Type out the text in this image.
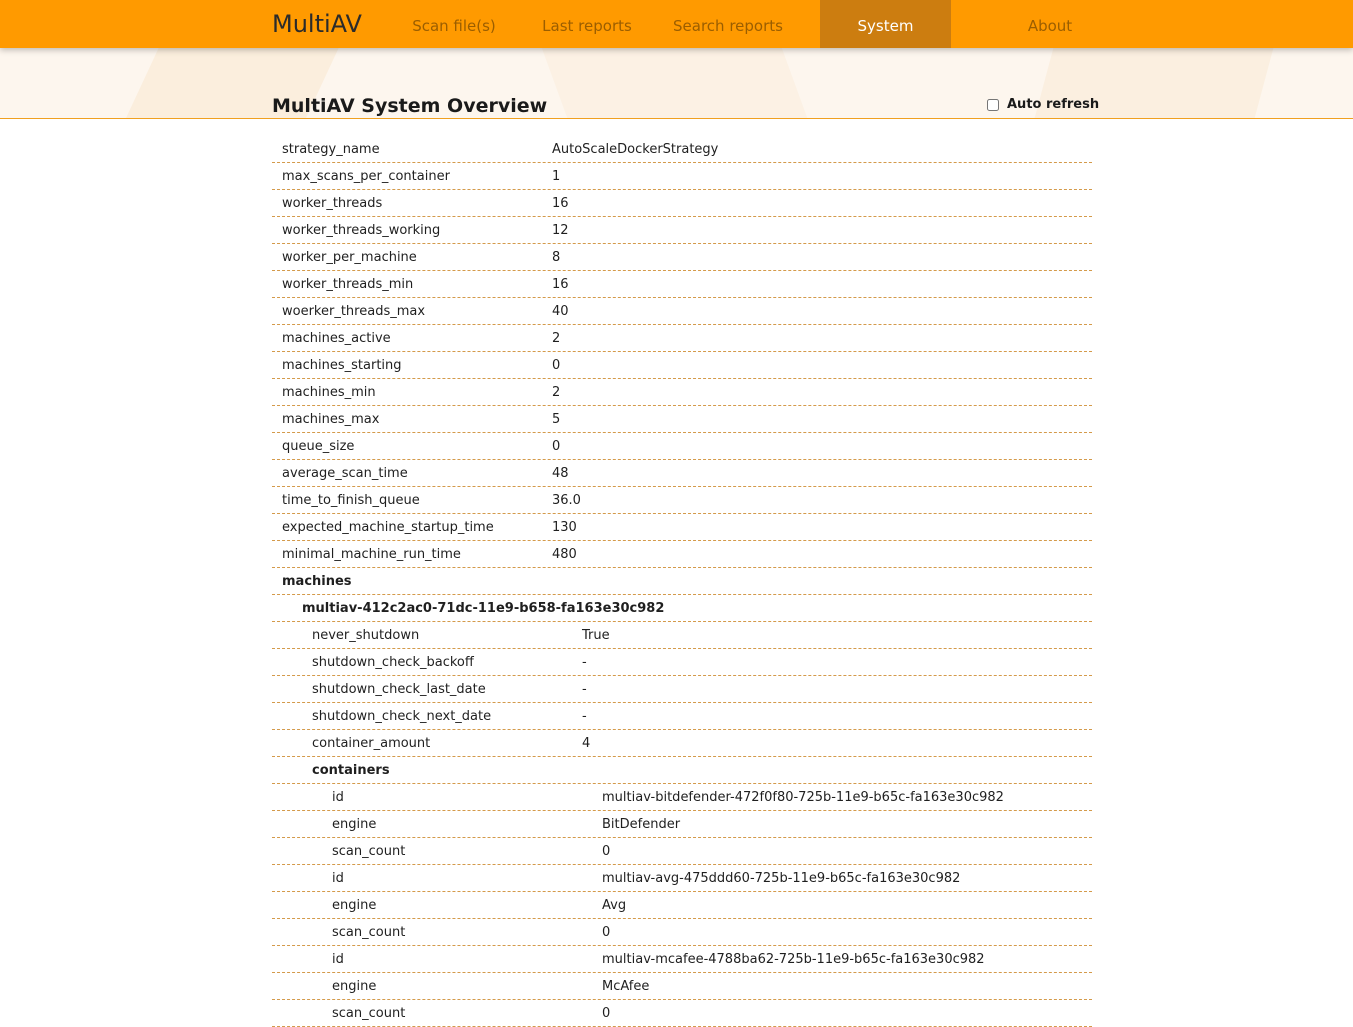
MultiAV	Scan file(s)	Last reports	Search reports	System	About
MultiAV System Overview	Auto refresh
strategy_name	AutoScaleDockerStrategy
max_scans_per_container	1
worker_threads	16
worker_threads_working	12
worker_per_machine	8
worker_threads_min	16
woerker_threads_max	40
machines_active	2
machines_starting	0
machines_min	2
machines_max	5
queue_size	0
average_scan_time	48
time_to_finish_queue	36.0
expected_machine_startup_time	130
minimal_machine_run_time	480
machines
multiav-412c2ac0-71dc-11e9-b658-fa163e30c982
never_shutdown	True
shutdown_check_backoff	-
shutdown_check_last_date	-
shutdown_check_next_date	-
container_amount	4
containers
id	multiav-bitdefender-472f0f80-725b-11e9-b65c-fa163e30c982
engine	BitDefender
scan_count	0
id	multiav-avg-475ddd60-725b-11e9-b65c-fa163e30c982
engine	Avg
scan_count	0
id	multiav-mcafee-4788ba62-725b-11e9-b65c-fa163e30c982
engine	McAfee
scan_count	0
